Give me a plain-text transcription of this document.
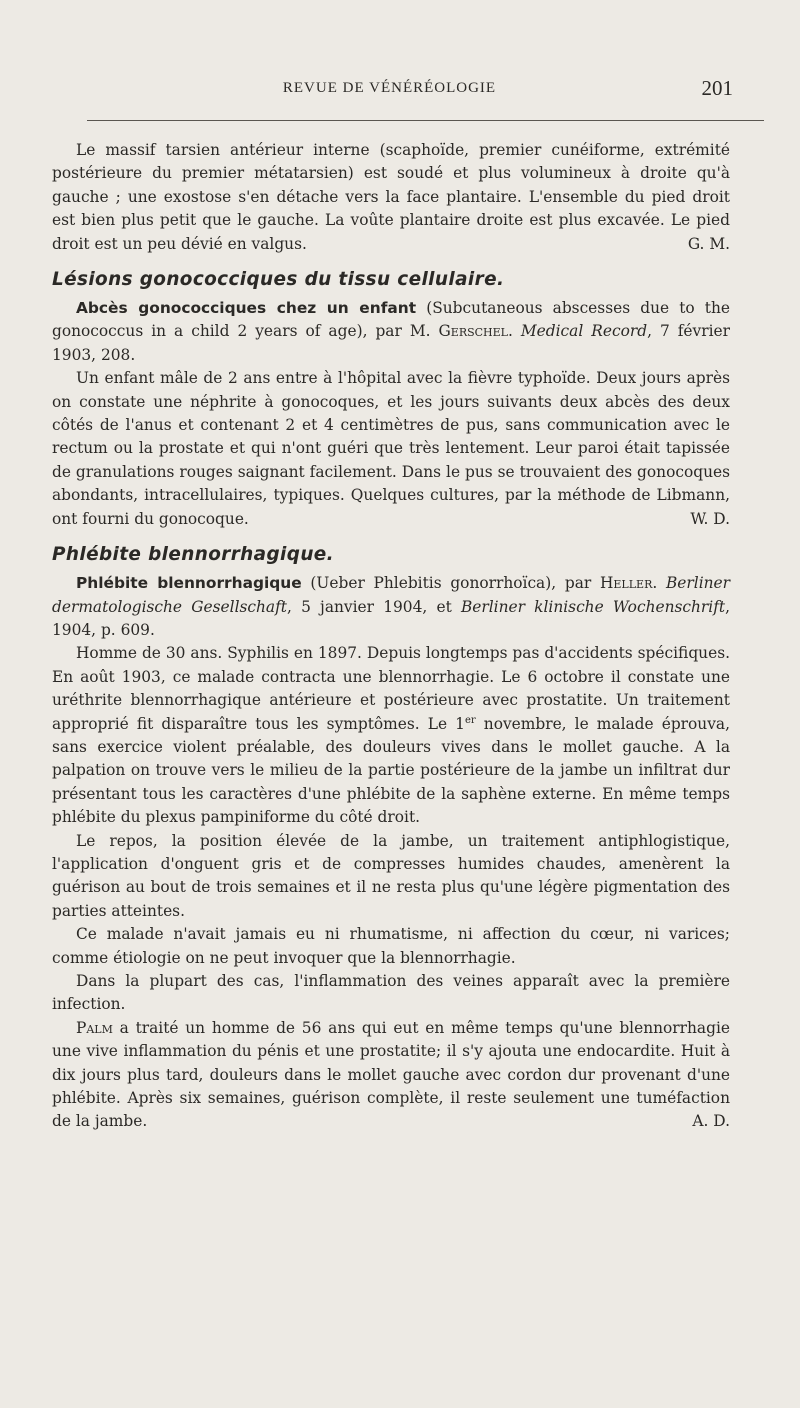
REVUE DE VÉNÉRÉOLOGIE	201

Le massif tarsien antérieur interne (scaphoïde, premier cunéiforme, extrémité postérieure du premier métatarsien) est soudé et plus volumineux à droite qu'à gauche ; une exostose s'en détache vers la face plantaire. L'ensemble du pied droit est bien plus petit que le gauche. La voûte plantaire droite est plus excavée. Le pied droit est un peu dévié en valgus.	G. M.

Lésions gonococciques du tissu cellulaire.

Abcès gonococciques chez un enfant (Subcutaneous abscesses due to the gonococcus in a child 2 years of age), par M. Gerschel. Medical Record, 7 février 1903, 208.

Un enfant mâle de 2 ans entre à l'hôpital avec la fièvre typhoïde. Deux jours après on constate une néphrite à gonocoques, et les jours suivants deux abcès des deux côtés de l'anus et contenant 2 et 4 centimètres de pus, sans communication avec le rectum ou la prostate et qui n'ont guéri que très lentement. Leur paroi était tapissée de granulations rouges saignant facilement. Dans le pus se trouvaient des gonocoques abondants, intracellulaires, typiques. Quelques cultures, par la méthode de Libmann, ont fourni du gonocoque.	W. D.

Phlébite blennorrhagique.

Phlébite blennorrhagique (Ueber Phlebitis gonorrhoïca), par Heller. Berliner dermatologische Gesellschaft, 5 janvier 1904, et Berliner klinische Wochenschrift, 1904, p. 609.

Homme de 30 ans. Syphilis en 1897. Depuis longtemps pas d'accidents spécifiques. En août 1903, ce malade contracta une blennorrhagie. Le 6 octobre il constate une uréthrite blennorrhagique antérieure et postérieure avec prostatite. Un traitement approprié fit disparaître tous les symptômes. Le 1er novembre, le malade éprouva, sans exercice violent préalable, des douleurs vives dans le mollet gauche. A la palpation on trouve vers le milieu de la partie postérieure de la jambe un infiltrat dur présentant tous les caractères d'une phlébite de la saphène externe. En même temps phlébite du plexus pampiniforme du côté droit.

Le repos, la position élevée de la jambe, un traitement antiphlogistique, l'application d'onguent gris et de compresses humides chaudes, amenèrent la guérison au bout de trois semaines et il ne resta plus qu'une légère pigmentation des parties atteintes.

Ce malade n'avait jamais eu ni rhumatisme, ni affection du cœur, ni varices; comme étiologie on ne peut invoquer que la blennorrhagie.

Dans la plupart des cas, l'inflammation des veines apparaît avec la première infection.

Palm a traité un homme de 56 ans qui eut en même temps qu'une blennorrhagie une vive inflammation du pénis et une prostatite; il s'y ajouta une endocardite. Huit à dix jours plus tard, douleurs dans le mollet gauche avec cordon dur provenant d'une phlébite. Après six semaines, guérison complète, il reste seulement une tuméfaction de la jambe.	A. D.
